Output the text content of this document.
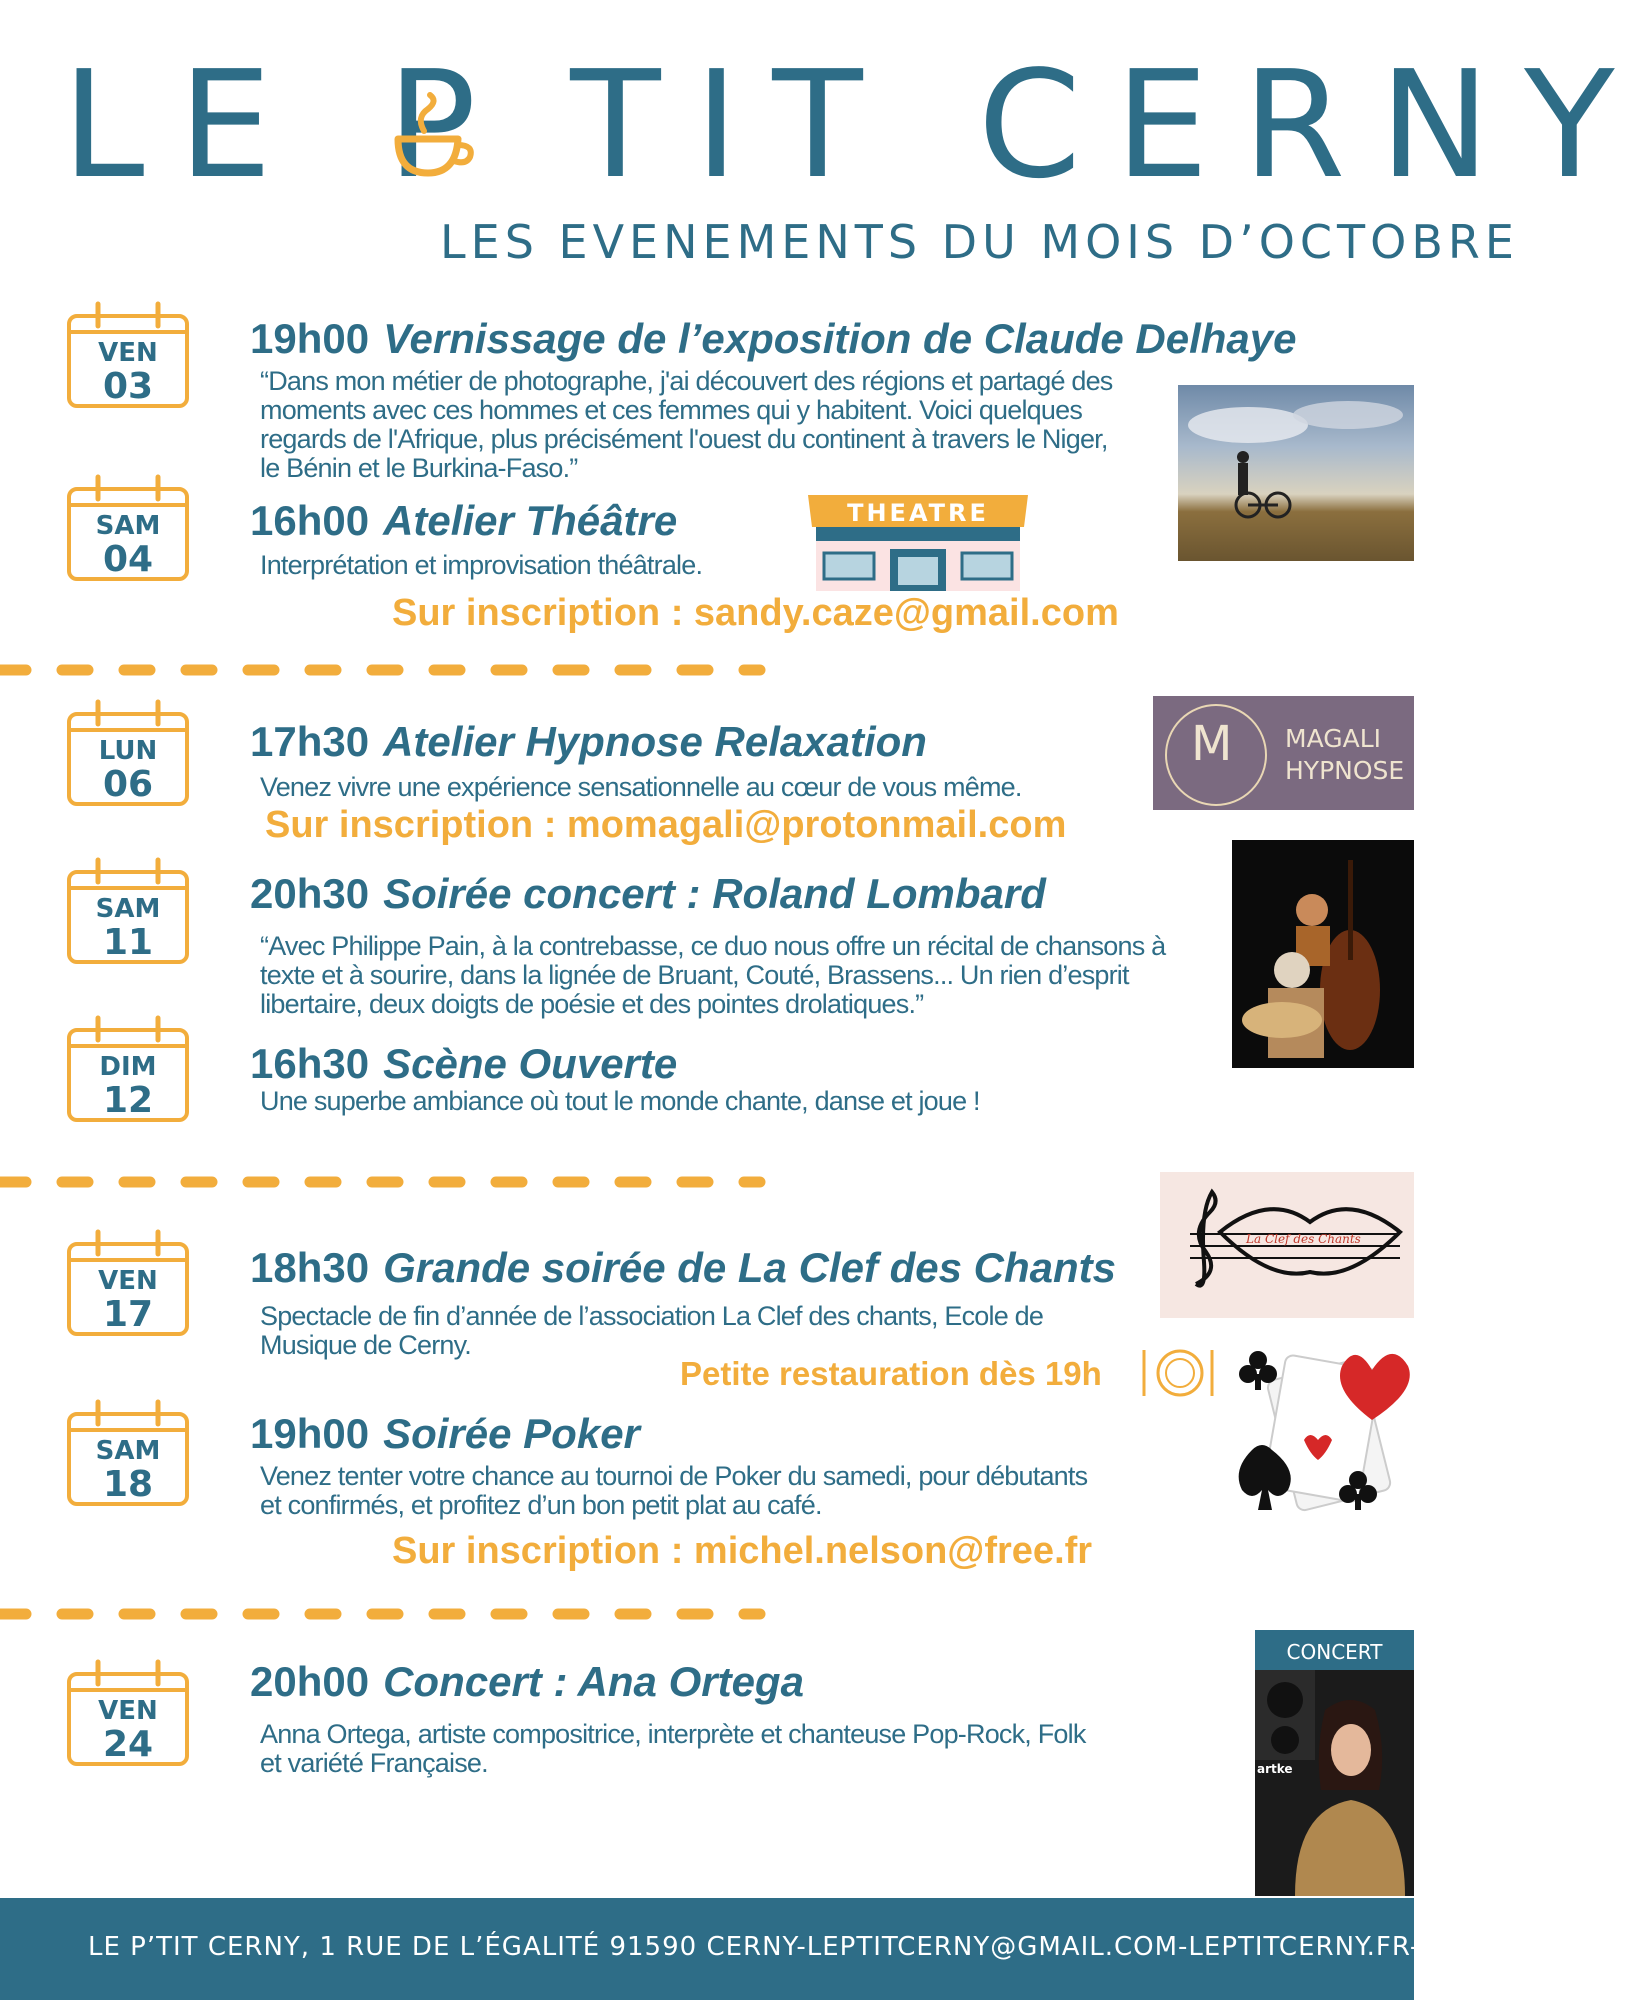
LE P TIT CERNY
LES EVENEMENTS DU MOIS D’OCTOBRE
VEN
03
SAM
04
LUN
06
SAM
11
DIM
12
VEN
17
SAM
18
VEN
24
19h00 Vernissage de l’exposition de Claude Delhaye
“Dans mon métier de photographe, j'ai découvert des régions et partagé des
moments avec ces hommes et ces femmes qui y habitent. Voici quelques
regards de l'Afrique, plus précisément l'ouest du continent à travers le Niger,
le Bénin et le Burkina-Faso.”
16h00 Atelier Théâtre
Interprétation et improvisation théâtrale.
THEATRE
Sur inscription : sandy.caze@gmail.com
17h30 Atelier Hypnose Relaxation
Venez vivre une expérience sensationnelle au cœur de vous même.
Sur inscription : momagali@protonmail.com
M MAGALI
HYPNOSE
20h30 Soirée concert : Roland Lombard
“Avec Philippe Pain, à la contrebasse, ce duo nous offre un récital de chansons à
texte et à sourire, dans la lignée de Bruant, Couté, Brassens... Un rien d’esprit
libertaire, deux doigts de poésie et des pointes drolatiques.”
16h30 Scène Ouverte
Une superbe ambiance où tout le monde chante, danse et joue !
18h30 Grande soirée de La Clef des Chants
Spectacle de fin d’année de l’association La Clef des chants, Ecole de
Musique de Cerny.
La Clef des Chants
Petite restauration dès 19h
19h00 Soirée Poker
Venez tenter votre chance au tournoi de Poker du samedi, pour débutants
et confirmés, et profitez d’un bon petit plat au café.
Sur inscription : michel.nelson@free.fr
20h00 Concert : Ana Ortega
Anna Ortega, artiste compositrice, interprète et chanteuse Pop-Rock, Folk
et variété Française.
CONCERT
artke
LE P’TIT CERNY, 1 RUE DE L’ÉGALITÉ 91590 CERNY-LEPTITCERNY@GMAIL.COM-LEPTITCERNY.FR-0169899716
